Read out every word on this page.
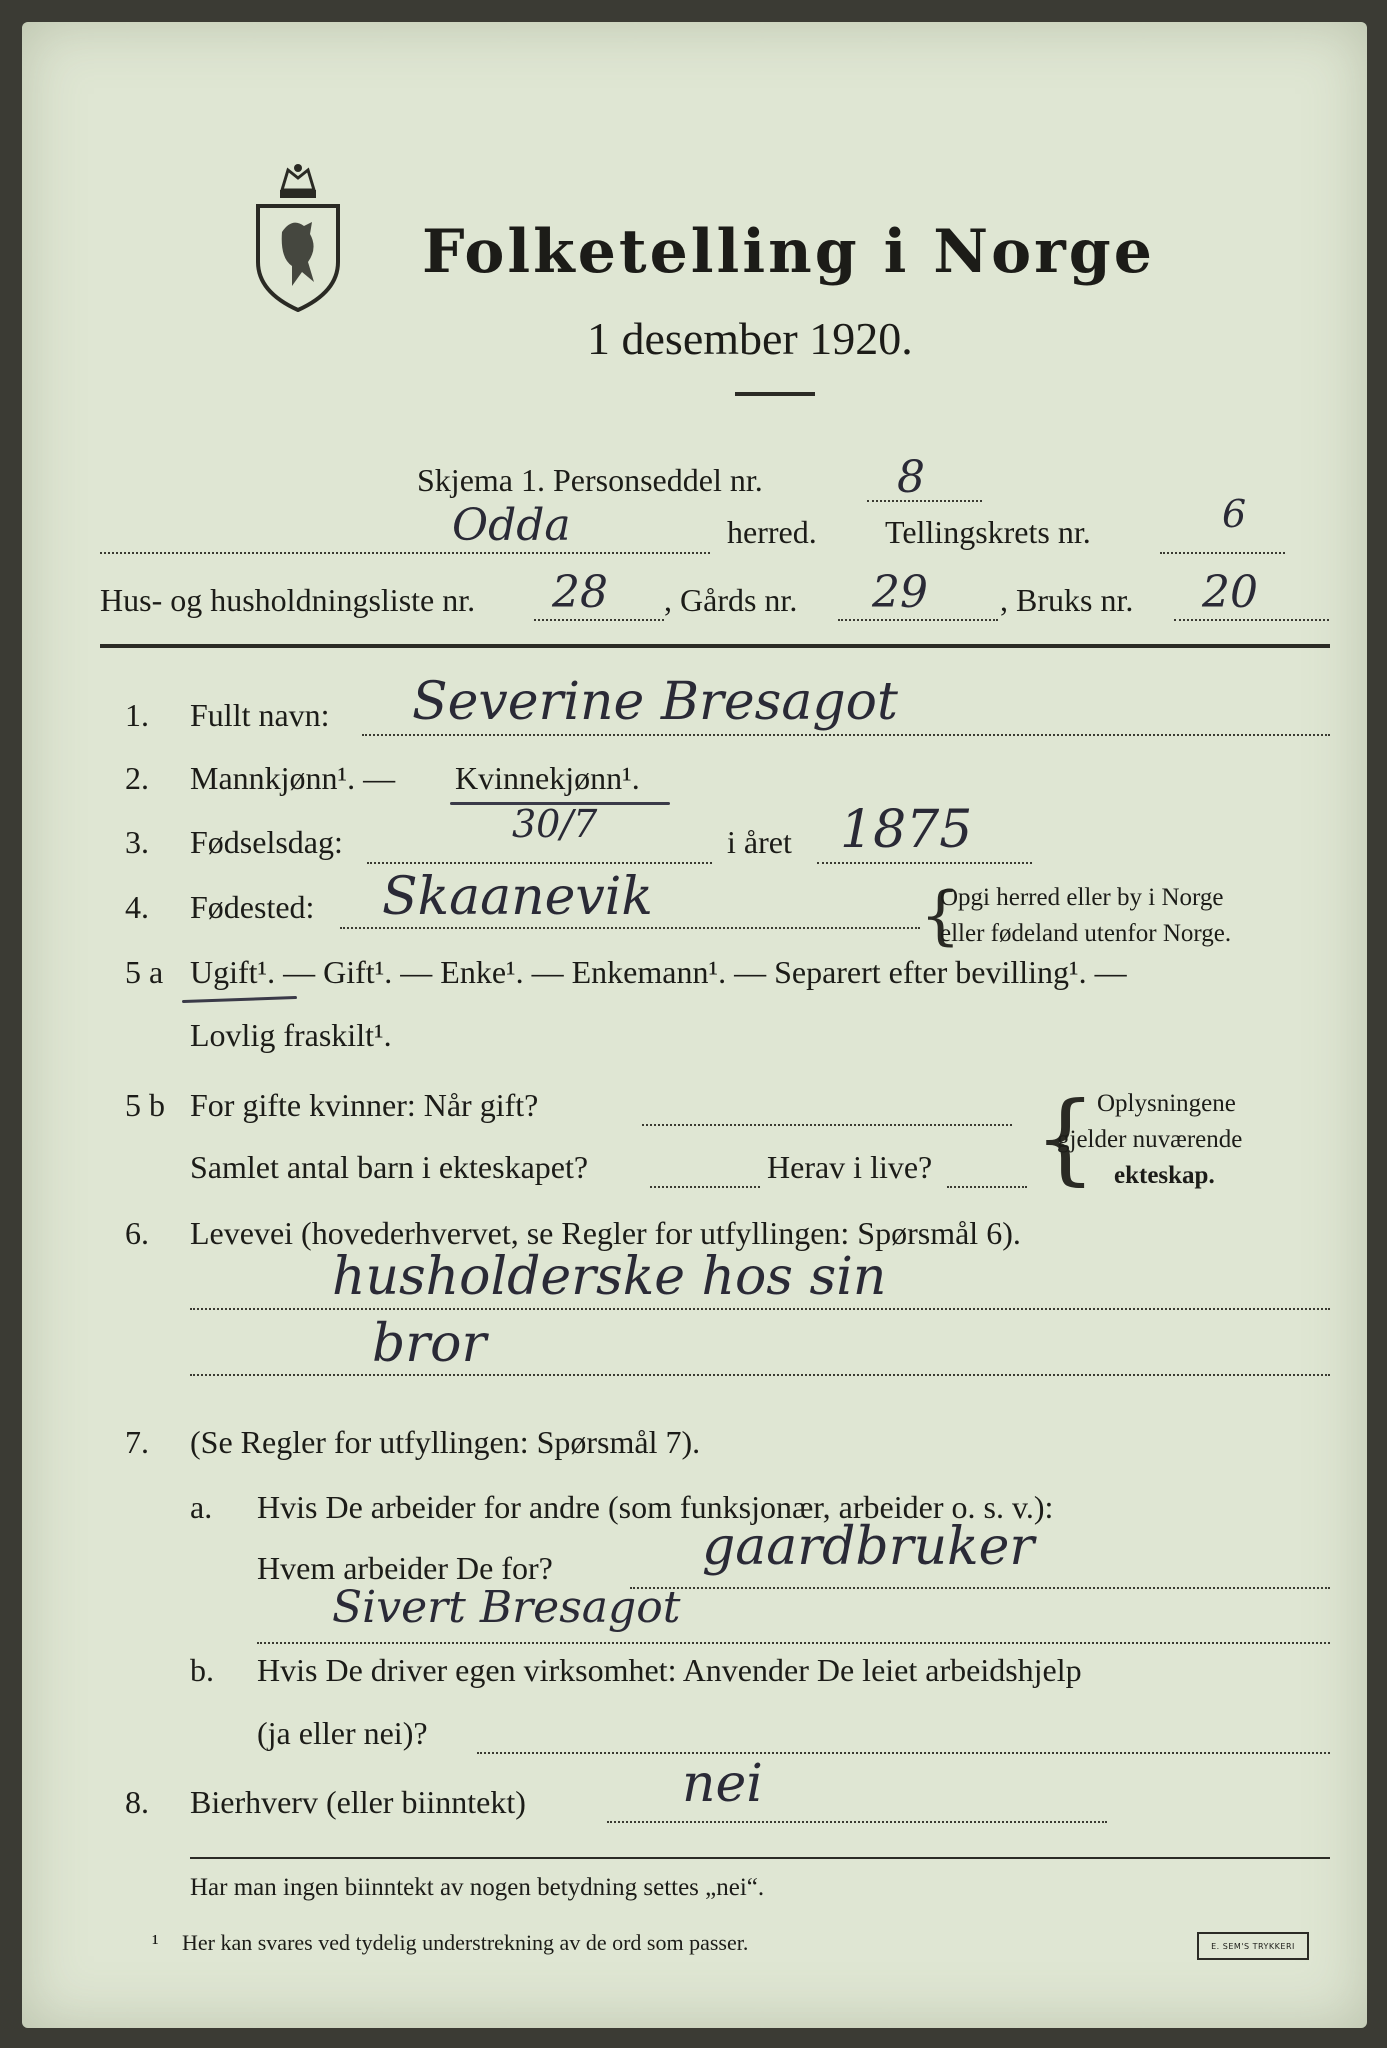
Folketelling i Norge
1 desember 1920.
Skjema 1. Personseddel nr.	8
Odda	herred. Tellingskrets nr.	6
Hus- og husholdningsliste nr. 28 , Gårds nr. 29 , Bruks nr. 20
1. Fullt navn: Severine Bresagot
2. Mannkjønn¹. — Kvinnekjønn¹.
3. Fødselsdag:	30/7	i året 1875
4. Fødested: Skaanevik	{
Opgi herred eller by i Norge
eller fødeland utenfor Norge.
5 a Ugift¹. — Gift¹. — Enke¹. — Enkemann¹. — Separert efter bevilling¹. —
Lovlig fraskilt¹.
5 b For gifte kvinner: Når gift?
Samlet antal barn i ekteskapet?	Herav i live? { Oplysningene
gjelder nuværende
ekteskap.
6. Levevei (hovederhvervet, se Regler for utfyllingen: Spørsmål 6).
husholderske hos sin
bror
7. (Se Regler for utfyllingen: Spørsmål 7).
a. Hvis De arbeider for andre (som funksjonær, arbeider o. s. v.):
Hvem arbeider De for?	gaardbruker
Sivert Bresagot
b. Hvis De driver egen virksomhet: Anvender De leiet arbeidshjelp
(ja eller nei)?
8. Bierhverv (eller biinntekt)	nei
Har man ingen biinntekt av nogen betydning settes „nei“.
¹ Her kan svares ved tydelig understrekning av de ord som passer.	E. SEM'S TRYKKERI
